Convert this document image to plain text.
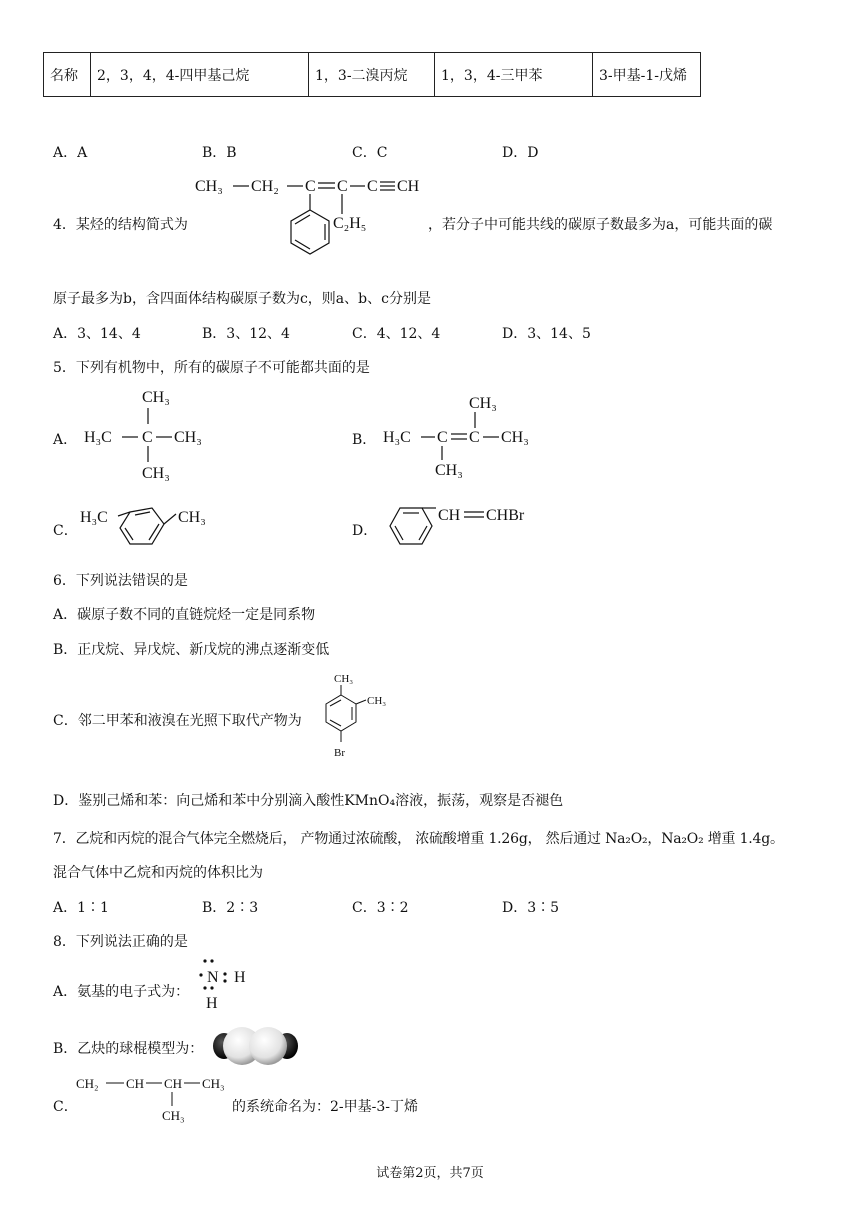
名称	2，3，4，4-四甲基己烷	1，3-二溴丙烷	1，3，4-三甲苯	3-甲基-1-戊烯
A．A	B．B	C．C	D．D
4．某烃的结构简式为
CH₃ CH₂ C C C CH
C₂H₅	，若分子中可能共线的碳原子数最多为a，可能共面的碳
原子最多为b，含四面体结构碳原子数为c，则a、b、c分别是
A．3、14、4	B．3、12、4	C．4、12、4	D．3、14、5
5．下列有机物中，所有的碳原子不可能都共面的是
A．
CH₃
H₃C C CH₃
CH₃
B．
CH₃
H₃C C C CH₃
CH₃
C．
H₃C	CH₃
D．
CH CHBr
6．下列说法错误的是
A．碳原子数不同的直链烷烃一定是同系物
B．正戊烷、异戊烷、新戊烷的沸点逐渐变低
C．邻二甲苯和液溴在光照下取代产物为
CH₃
CH₃
Br
D．鉴别己烯和苯：向己烯和苯中分别滴入酸性KMnO₄溶液，振荡，观察是否褪色
7．乙烷和丙烷的混合气体完全燃烧后， 产物通过浓硫酸， 浓硫酸增重 1.26g， 然后通过 Na₂O₂，Na₂O₂ 增重 1.4g。
混合气体中乙烷和丙烷的体积比为
A．1∶1	B．2∶3	C．3∶2	D．3∶5
8．下列说法正确的是
A．氨基的电子式为：
N H
H
B．乙炔的球棍模型为：
C．
CH₂ CH CH CH₃
CH₃
的系统命名为：2-甲基-3-丁烯
试卷第2页，共7页
